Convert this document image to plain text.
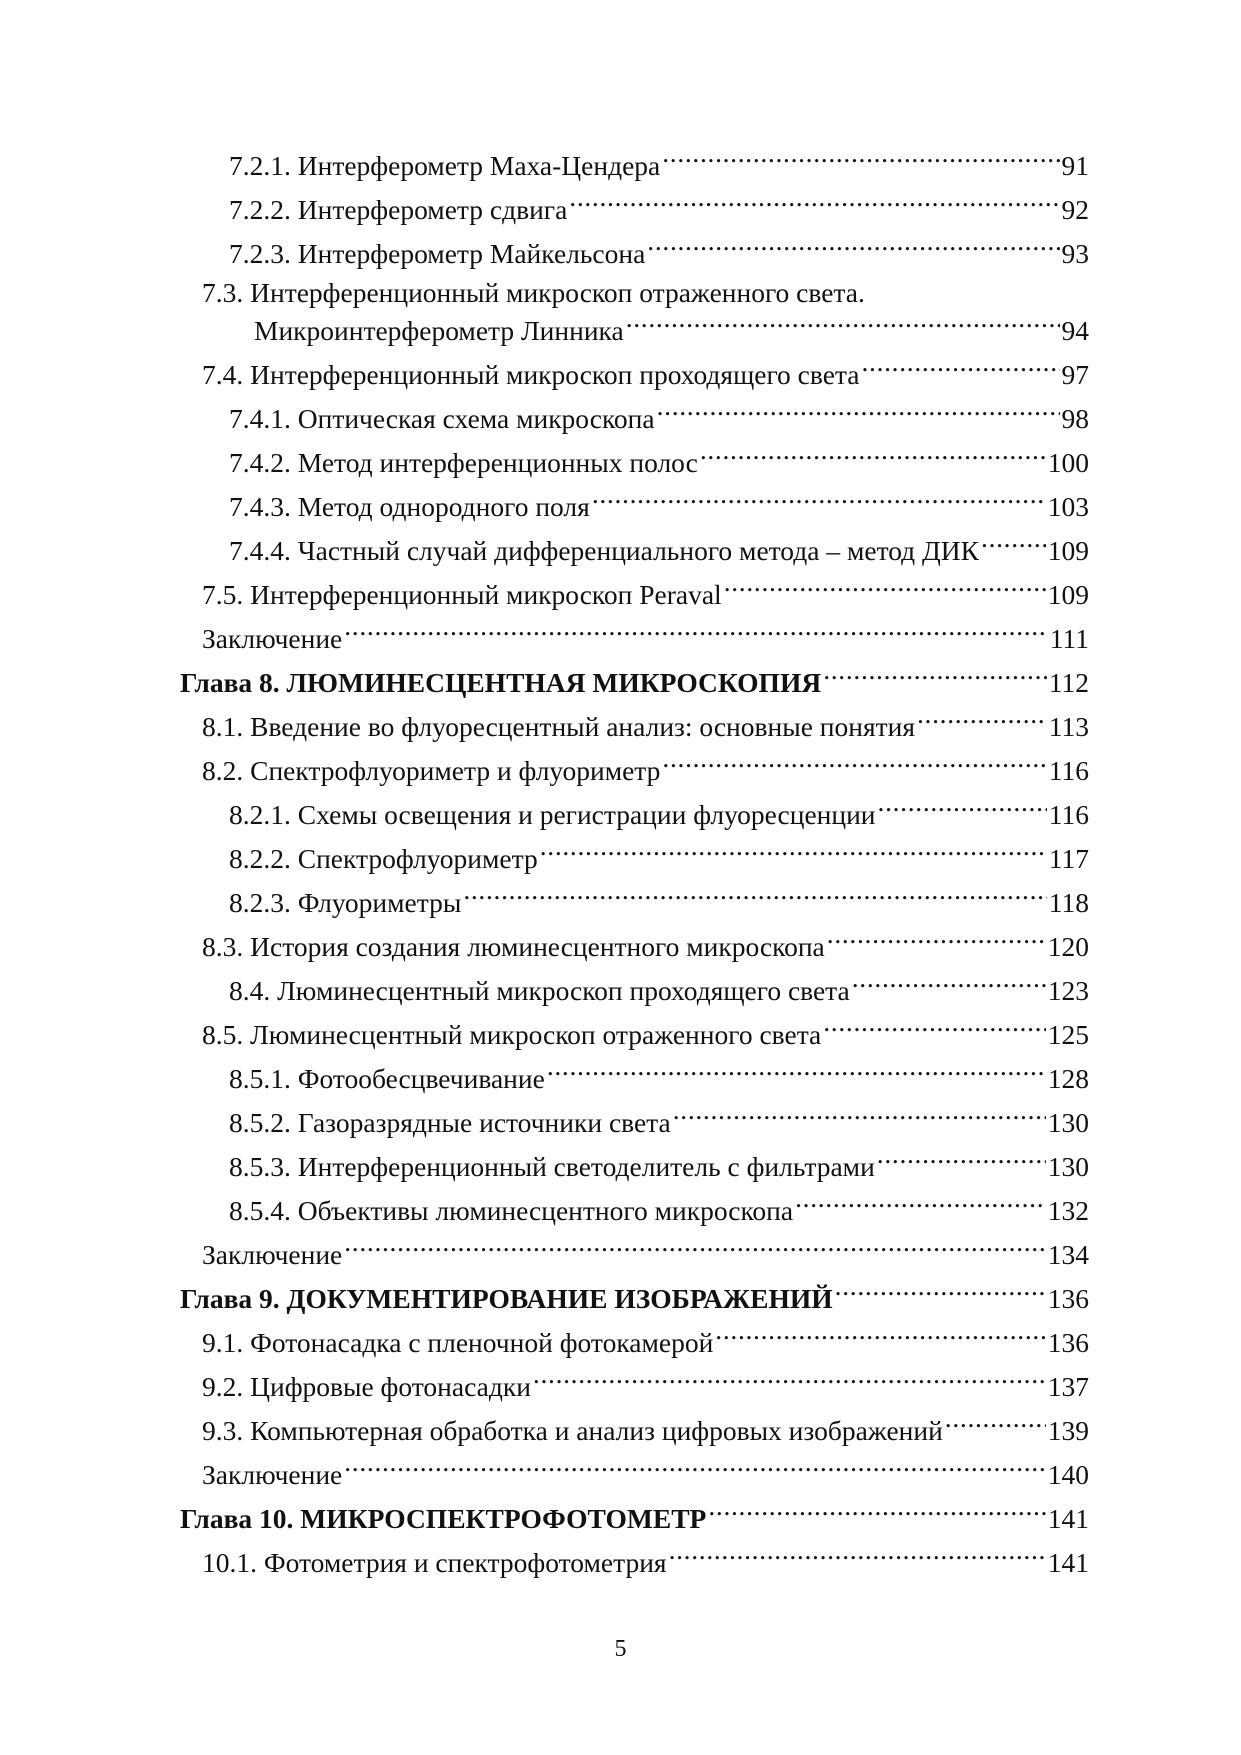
7.2.1. Интерферометр Маха-Цендера . . .	91
7.2.2. Интерферометр сдвига . . .	92
7.2.3. Интерферометр Майкельсона . . .	93
7.3. Интерференционный микроскоп отраженного света.
Микроинтерферометр Линника . . .	94
7.4. Интерференционный микроскоп проходящего света . . .	97
7.4.1. Оптическая схема микроскопа . . .	98
7.4.2. Метод интерференционных полос . . .	100
7.4.3. Метод однородного поля . . .	103
7.4.4. Частный случай дифференциального метода – метод ДИК . . . 109
7.5. Интерференционный микроскоп Peraval . . .	109
Заключение . . .	111
Глава 8. ЛЮМИНЕСЦЕНТНАЯ МИКРОСКОПИЯ . . .	112
8.1. Введение во флуоресцентный анализ: основные понятия . . .	113
8.2. Спектрофлуориметр и флуориметр . . .	116
8.2.1. Схемы освещения и регистрации флуоресценции . . .	116
8.2.2. Спектрофлуориметр . . .	117
8.2.3. Флуориметры . . .	118
8.3. История создания люминесцентного микроскопа . . .	120
8.4. Люминесцентный микроскоп проходящего света . . .	123
8.5. Люминесцентный микроскоп отраженного света . . .	125
8.5.1. Фотообесцвечивание . . .	128
8.5.2. Газоразрядные источники света . . .	130
8.5.3. Интерференционный светоделитель с фильтрами . . .	130
8.5.4. Объективы люминесцентного микроскопа . . .	132
Заключение . . .	134
Глава 9. ДОКУМЕНТИРОВАНИЕ ИЗОБРАЖЕНИЙ . . .	136
9.1. Фотонасадка с пленочной фотокамерой . . .	136
9.2. Цифровые фотонасадки . . .	137
9.3. Компьютерная обработка и анализ цифровых изображений . . .	139
Заключение . . .	140
Глава 10. МИКРОСПЕКТРОФОТОМЕТР . . .	141
10.1. Фотометрия и спектрофотометрия . . .	141
5
